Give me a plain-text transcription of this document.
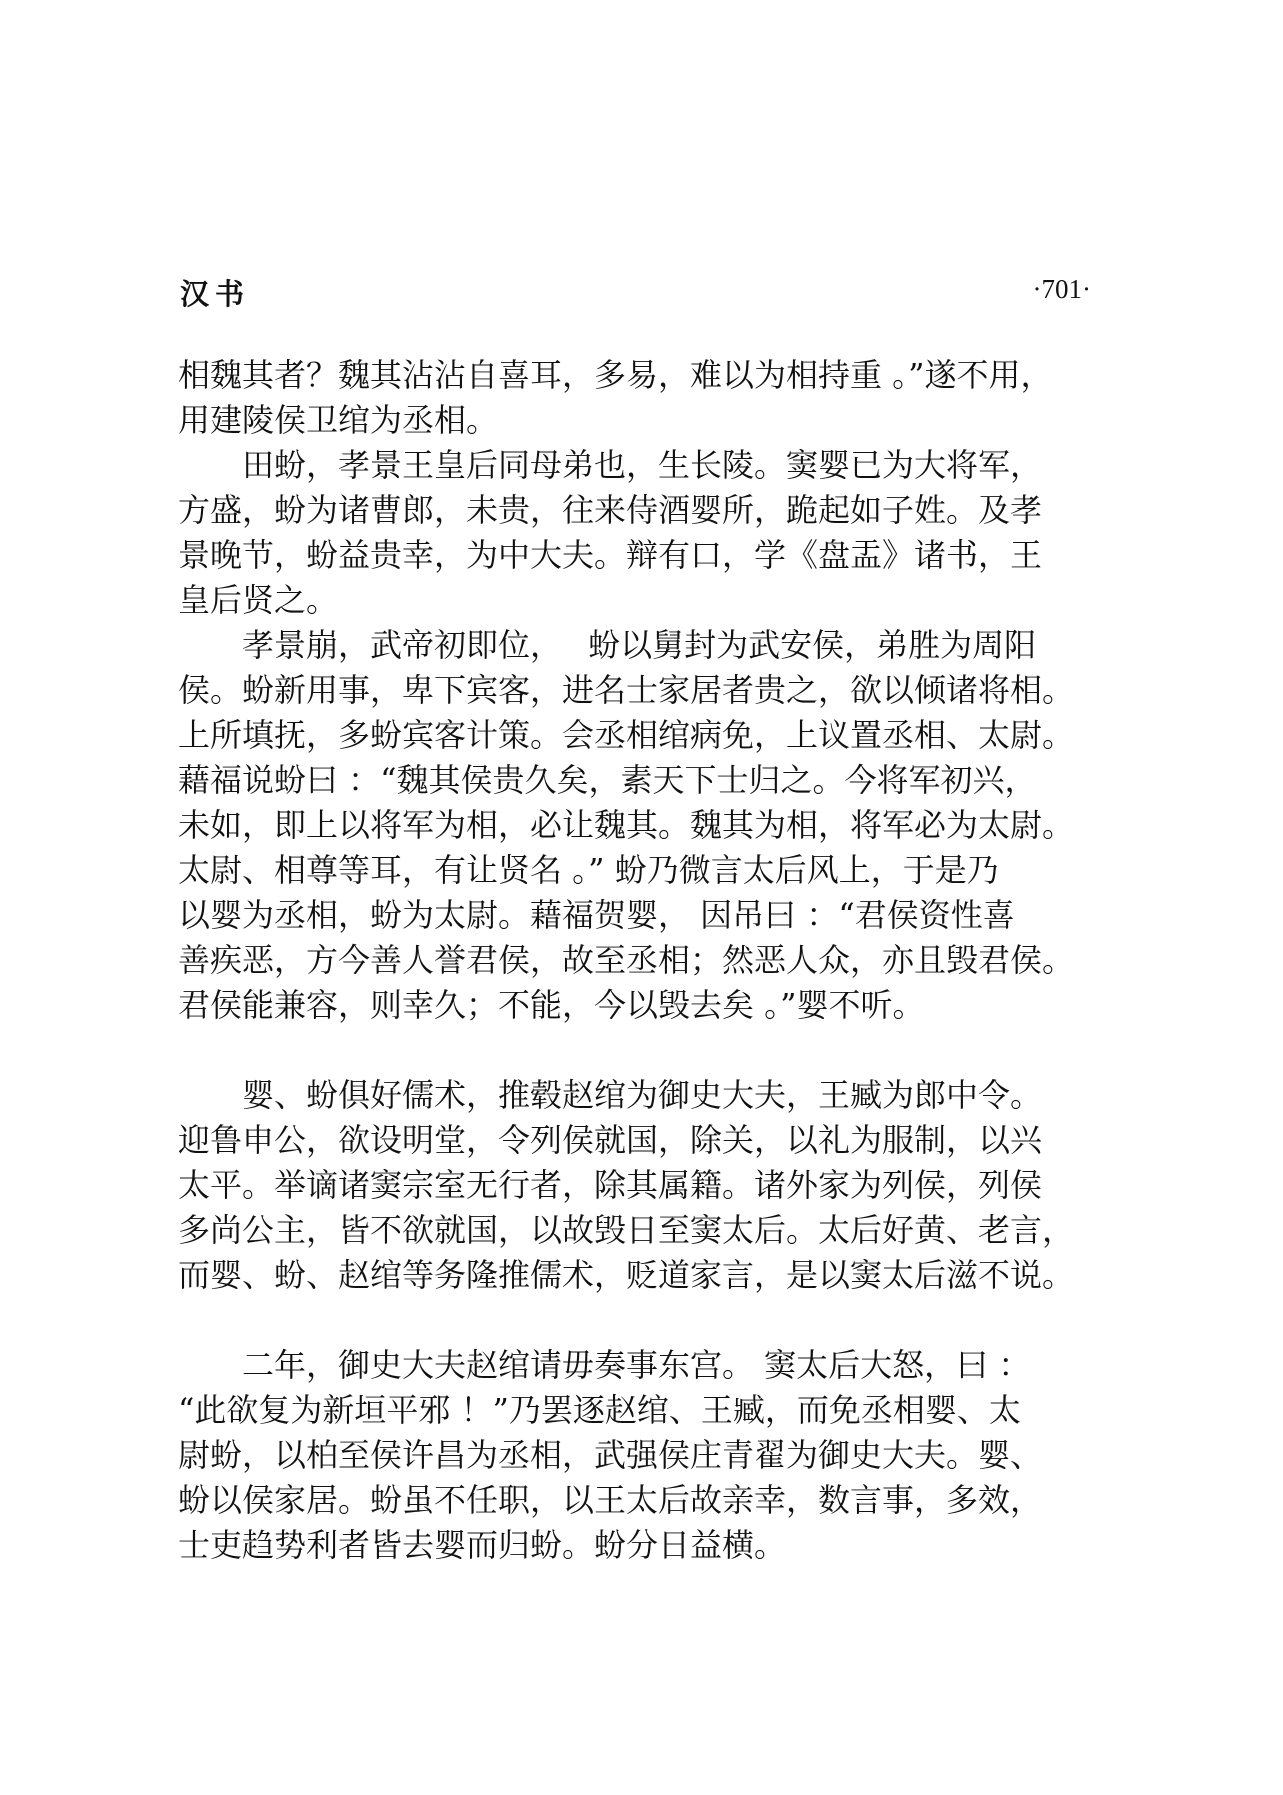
汉书	·701·
相魏其者？魏其沾沾自喜耳，多易，难以为相持重 。”遂不用，
用建陵侯卫绾为丞相。
　　田蚡，孝景王皇后同母弟也，生长陵。窦婴已为大将军，
方盛，蚡为诸曹郎，未贵，往来侍酒婴所，跪起如子姓。及孝
景晚节，蚡益贵幸，为中大夫。辩有口，学《盘盂》诸书，王
皇后贤之。
　　孝景崩，武帝初即位，　 蚡以舅封为武安侯，弟胜为周阳
侯。蚡新用事，卑下宾客，进名士家居者贵之，欲以倾诸将相。
上所填抚，多蚡宾客计策。会丞相绾病免，上议置丞相、太尉。
藉福说蚡曰 ：“魏其侯贵久矣，素天下士归之。今将军初兴，
未如，即上以将军为相，必让魏其。魏其为相，将军必为太尉。
太尉、相尊等耳，有让贤名 。” 蚡乃微言太后风上，于是乃
以婴为丞相，蚡为太尉。藉福贺婴， 因吊曰 ：“君侯资性喜
善疾恶，方今善人誉君侯，故至丞相；然恶人众，亦且毁君侯。
君侯能兼容，则幸久；不能，今以毁去矣 。”婴不听。
　　婴、蚡俱好儒术，推毂赵绾为御史大夫，王臧为郎中令。
迎鲁申公，欲设明堂，令列侯就国，除关，以礼为服制，以兴
太平。举谪诸窦宗室无行者，除其属籍。诸外家为列侯，列侯
多尚公主，皆不欲就国，以故毁日至窦太后。太后好黄、老言，
而婴、蚡、赵绾等务隆推儒术，贬道家言，是以窦太后滋不说。
　　二年，御史大夫赵绾请毋奏事东宫。 窦太后大怒，曰 ：
“此欲复为新垣平邪 ！”乃罢逐赵绾、王臧，而免丞相婴、太
尉蚡，以柏至侯许昌为丞相，武强侯庄青翟为御史大夫。婴、
蚡以侯家居。蚡虽不任职，以王太后故亲幸，数言事，多效，
士吏趋势利者皆去婴而归蚡。蚡分日益横。
